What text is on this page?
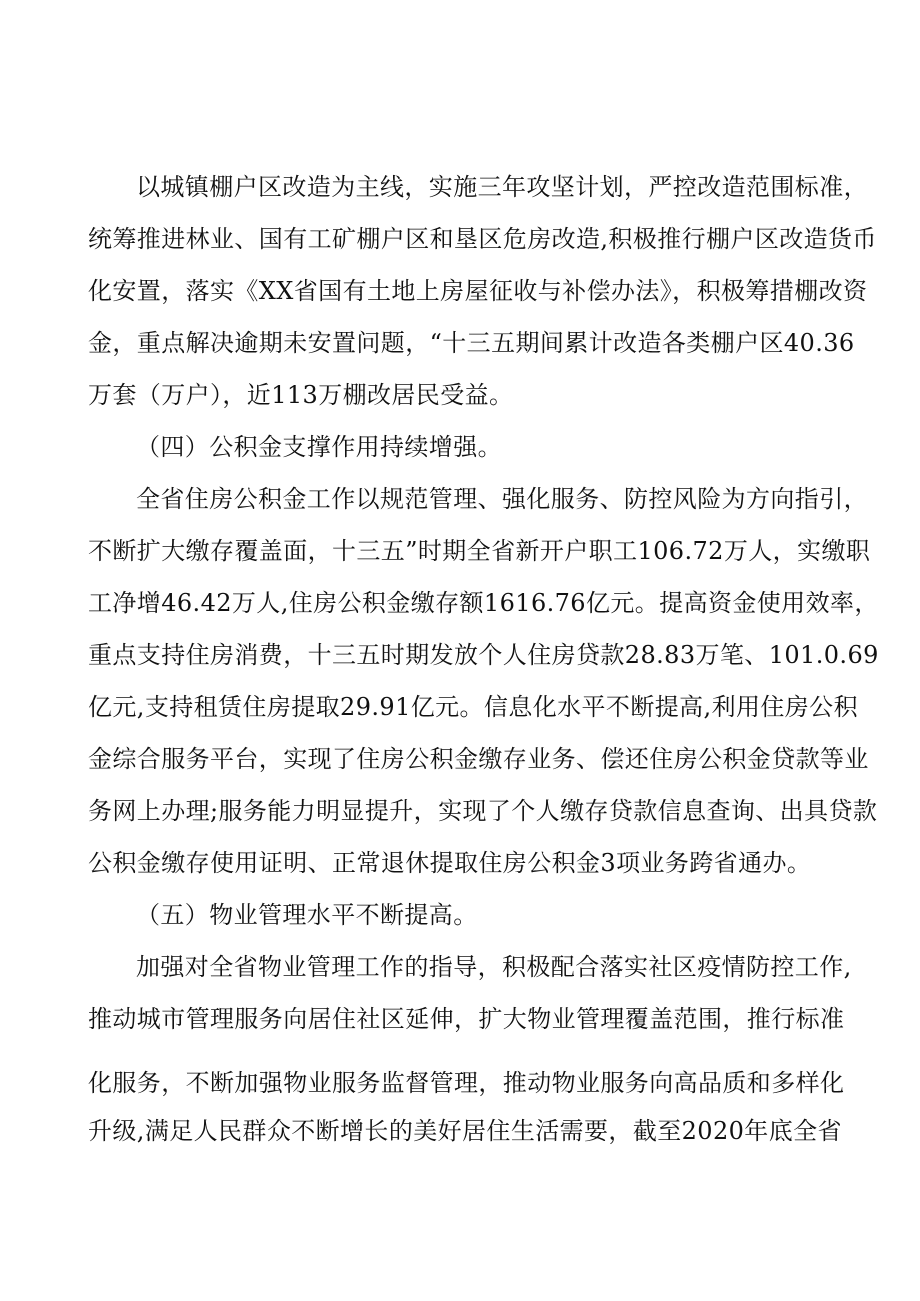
以城镇棚户区改造为主线，实施三年攻坚计划，严控改造范围标准，
统筹推进林业、国有工矿棚户区和垦区危房改造,积极推行棚户区改造货币
化安置，落实《XX省国有土地上房屋征收与补偿办法》，积极筹措棚改资
金，重点解决逾期未安置问题，“十三五期间累计改造各类棚户区40.36
万套（万户），近113万棚改居民受益。
（四）公积金支撑作用持续增强。
全省住房公积金工作以规范管理、强化服务、防控风险为方向指引，
不断扩大缴存覆盖面，十三五”时期全省新开户职工106.72万人，实缴职
工净增46.42万人,住房公积金缴存额1616.76亿元。提高资金使用效率，
重点支持住房消费，十三五时期发放个人住房贷款28.83万笔、101.0.69
亿元,支持租赁住房提取29.91亿元。信息化水平不断提高,利用住房公积
金综合服务平台，实现了住房公积金缴存业务、偿还住房公积金贷款等业
务网上办理;服务能力明显提升，实现了个人缴存贷款信息查询、出具贷款
公积金缴存使用证明、正常退休提取住房公积金3项业务跨省通办。
（五）物业管理水平不断提高。
加强对全省物业管理工作的指导，积极配合落实社区疫情防控工作,
推动城市管理服务向居住社区延伸，扩大物业管理覆盖范围，推行标准
化服务，不断加强物业服务监督管理，推动物业服务向高品质和多样化
升级,满足人民群众不断增长的美好居住生活需要，截至2020年底全省
